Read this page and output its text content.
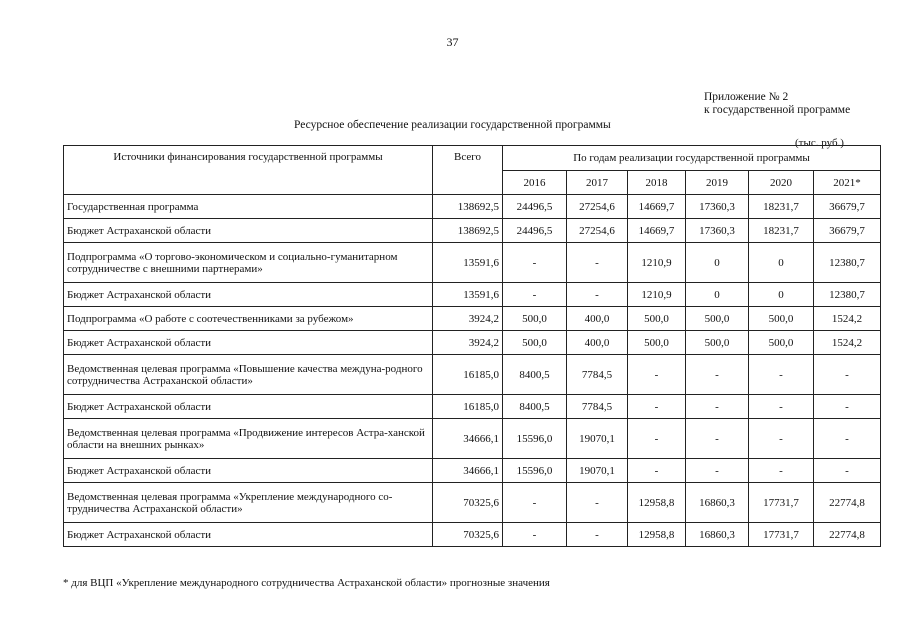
37
Приложение № 2
к государственной программе
Ресурсное обеспечение реализации государственной программы
(тыс. руб.)
Источники финансирования государственной программы	Всего	По годам реализации государственной программы					
		2016	2017	2018	2019	2020	2021*
Государственная программа	138692,5	24496,5	27254,6	14669,7	17360,3	18231,7	36679,7
Бюджет Астраханской области	138692,5	24496,5	27254,6	14669,7	17360,3	18231,7	36679,7
Подпрограмма «О торгово-экономическом и социально-гуманитарном сотрудничестве с внешними партнерами»	13591,6	-	-	1210,9	0	0	12380,7
Бюджет Астраханской области	13591,6	-	-	1210,9	0	0	12380,7
Подпрограмма «О работе с соотечественниками за рубежом»	3924,2	500,0	400,0	500,0	500,0	500,0	1524,2
Бюджет Астраханской области	3924,2	500,0	400,0	500,0	500,0	500,0	1524,2
Ведомственная целевая программа «Повышение качества междуна-родного сотрудничества Астраханской области»	16185,0	8400,5	7784,5	-	-	-	-
Бюджет Астраханской области	16185,0	8400,5	7784,5	-	-	-	-
Ведомственная целевая программа «Продвижение интересов Астра-ханской области на внешних рынках»	34666,1	15596,0	19070,1	-	-	-	-
Бюджет Астраханской области	34666,1	15596,0	19070,1	-	-	-	-
Ведомственная целевая программа «Укрепление международного со-трудничества Астраханской области»	70325,6	-	-	12958,8	16860,3	17731,7	22774,8
Бюджет Астраханской области	70325,6	-	-	12958,8	16860,3	17731,7	22774,8
* для ВЦП «Укрепление международного сотрудничества Астраханской области» прогнозные значения
